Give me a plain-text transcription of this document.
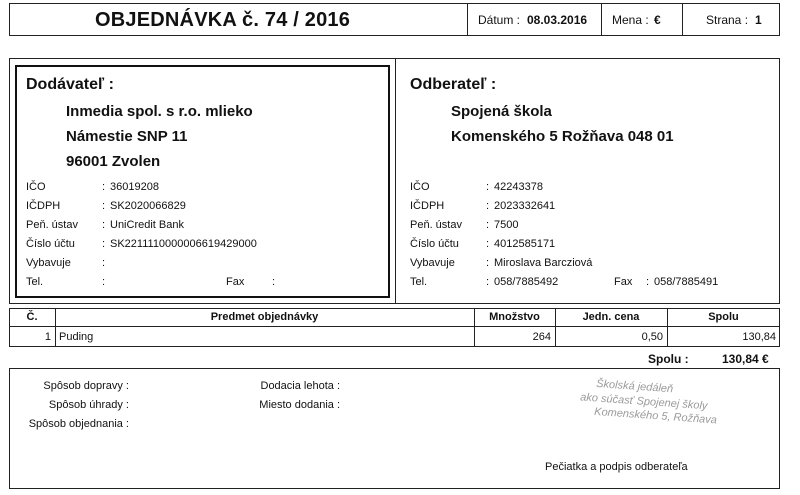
OBJEDNÁVKA č. 74 / 2016	Dátum : 08.03.2016 Mena : €	Strana : 1
Dodávateľ :
Inmedia spol. s r.o. mlieko
Námestie SNP 11
96001 Zvolen
IČO	: 36019208
IČDPH	: SK2020066829
Peň. ústav : UniCredit Bank
Číslo účtu : SK2211110000006619429000
Vybavuje	:
Tel.	:	Fax	:
Odberateľ :
Spojená škola
Komenského 5 Rožňava 048 01
IČO	: 42243378
IČDPH	: 2023332641
Peň. ústav : 7500
Číslo účtu : 4012585171
Vybavuje	: Miroslava Barcziová
Tel.	: 058/7885492	Fax : 058/7885491
Č.	Predmet objednávky	Množstvo	Jedn. cena	Spolu
1 Puding	264	0,50	130,84
Spolu :	130,84 €
Spôsob dopravy :
Spôsob úhrady :
Spôsob objednania :
Dodacia lehota :
Miesto dodania :
Školská jedáleň
ako súčasť Spojenej školy
Komenského 5, Rožňava
Pečiatka a podpis odberateľa
